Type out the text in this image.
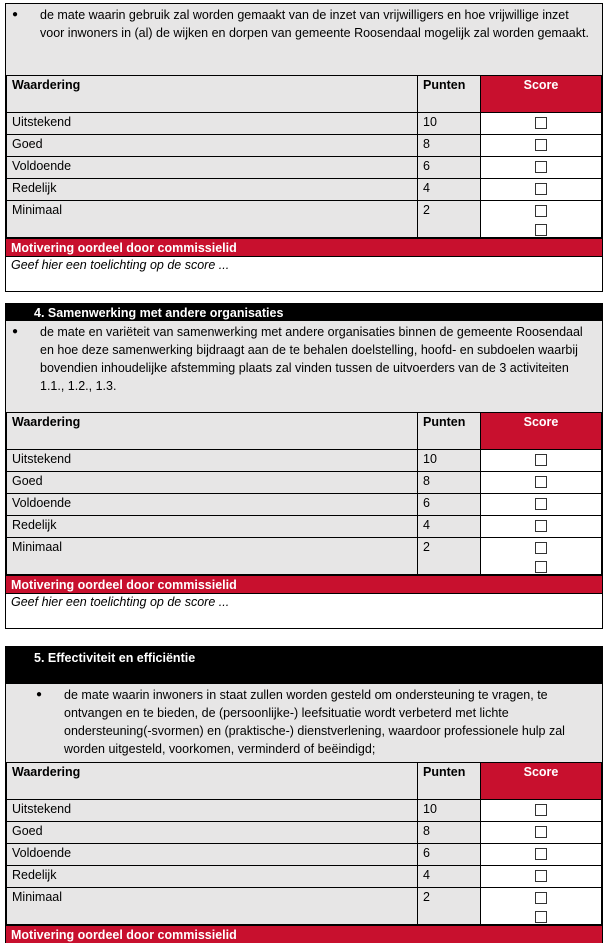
●	de mate waarin gebruik zal worden gemaakt van de inzet van vrijwilligers en hoe vrijwillige inzet voor inwoners in (al) de wijken en dorpen van gemeente Roosendaal mogelijk zal worden gemaakt.
Waardering	Punten	Score
Uitstekend	10	
Goed	8	
Voldoende	6	
Redelijk	4	
Minimaal	2	
Motivering oordeel door commissielid
Geef hier een toelichting op de score ...
4. Samenwerking met andere organisaties
●	de mate en variëteit van samenwerking met andere organisaties binnen de gemeente Roosendaal en hoe deze samenwerking bijdraagt aan de te behalen doelstelling, hoofd- en subdoelen waarbij bovendien inhoudelijke afstemming plaats zal vinden tussen de uitvoerders van de 3 activiteiten 1.1., 1.2., 1.3.
Waardering	Punten	Score
Uitstekend	10	
Goed	8	
Voldoende	6	
Redelijk	4	
Minimaal	2	
Motivering oordeel door commissielid
Geef hier een toelichting op de score ...
5. Effectiviteit en efficiëntie
●	de mate waarin inwoners in staat zullen worden gesteld om ondersteuning te vragen, te ontvangen en te bieden, de (persoonlijke-) leefsituatie wordt verbeterd met lichte ondersteuning(-svormen) en (praktische-) dienstverlening, waardoor professionele hulp zal worden uitgesteld, voorkomen, verminderd of beëindigd;
Waardering	Punten	Score
Uitstekend	10	
Goed	8	
Voldoende	6	
Redelijk	4	
Minimaal	2	
Motivering oordeel door commissielid
